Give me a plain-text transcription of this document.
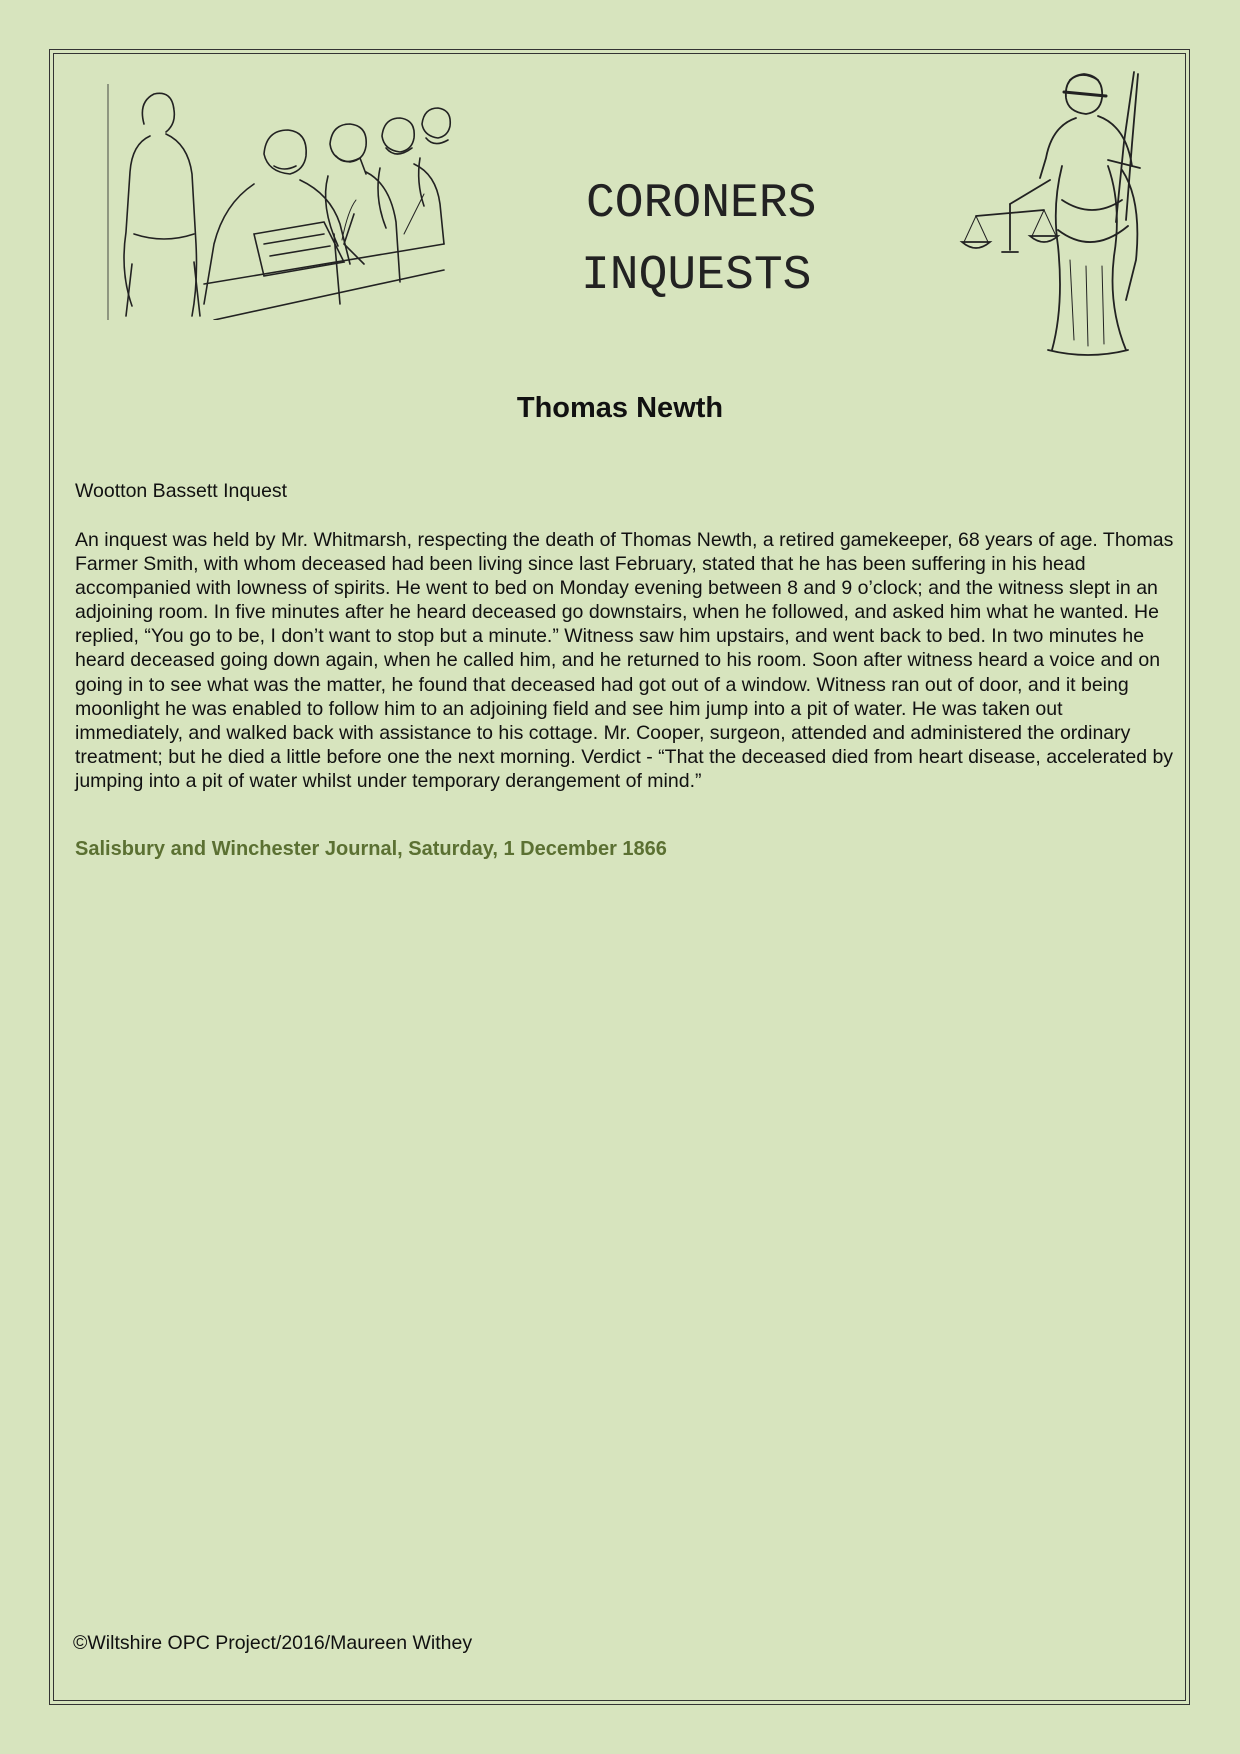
CORONERS
INQUESTS
Thomas Newth

Wootton Bassett Inquest

An inquest was held by Mr. Whitmarsh, respecting the death of Thomas Newth, a retired gamekeeper, 68 years of age. Thomas Farmer Smith, with whom deceased had been living since last February, stated that he has been suffering in his head accompanied with lowness of spirits. He went to bed on Monday evening between 8 and 9 o’clock; and the witness slept in an adjoining room. In five minutes after he heard deceased go downstairs, when he followed, and asked him what he wanted. He replied, “You go to be, I don’t want to stop but a minute.” Witness saw him upstairs, and went back to bed. In two minutes he heard deceased going down again, when he called him, and he returned to his room. Soon after witness heard a voice and on going in to see what was the matter, he found that deceased had got out of a window. Witness ran out of door, and it being moonlight he was enabled to follow him to an adjoining field and see him jump into a pit of water. He was taken out immediately, and walked back with assistance to his cottage. Mr. Cooper, surgeon, attended and administered the ordinary treatment; but he died a little before one the next morning. Verdict - “That the deceased died from heart disease, accelerated by jumping into a pit of water whilst under temporary derangement of mind.”

Salisbury and Winchester Journal, Saturday, 1 December 1866

©Wiltshire OPC Project/2016/Maureen Withey
